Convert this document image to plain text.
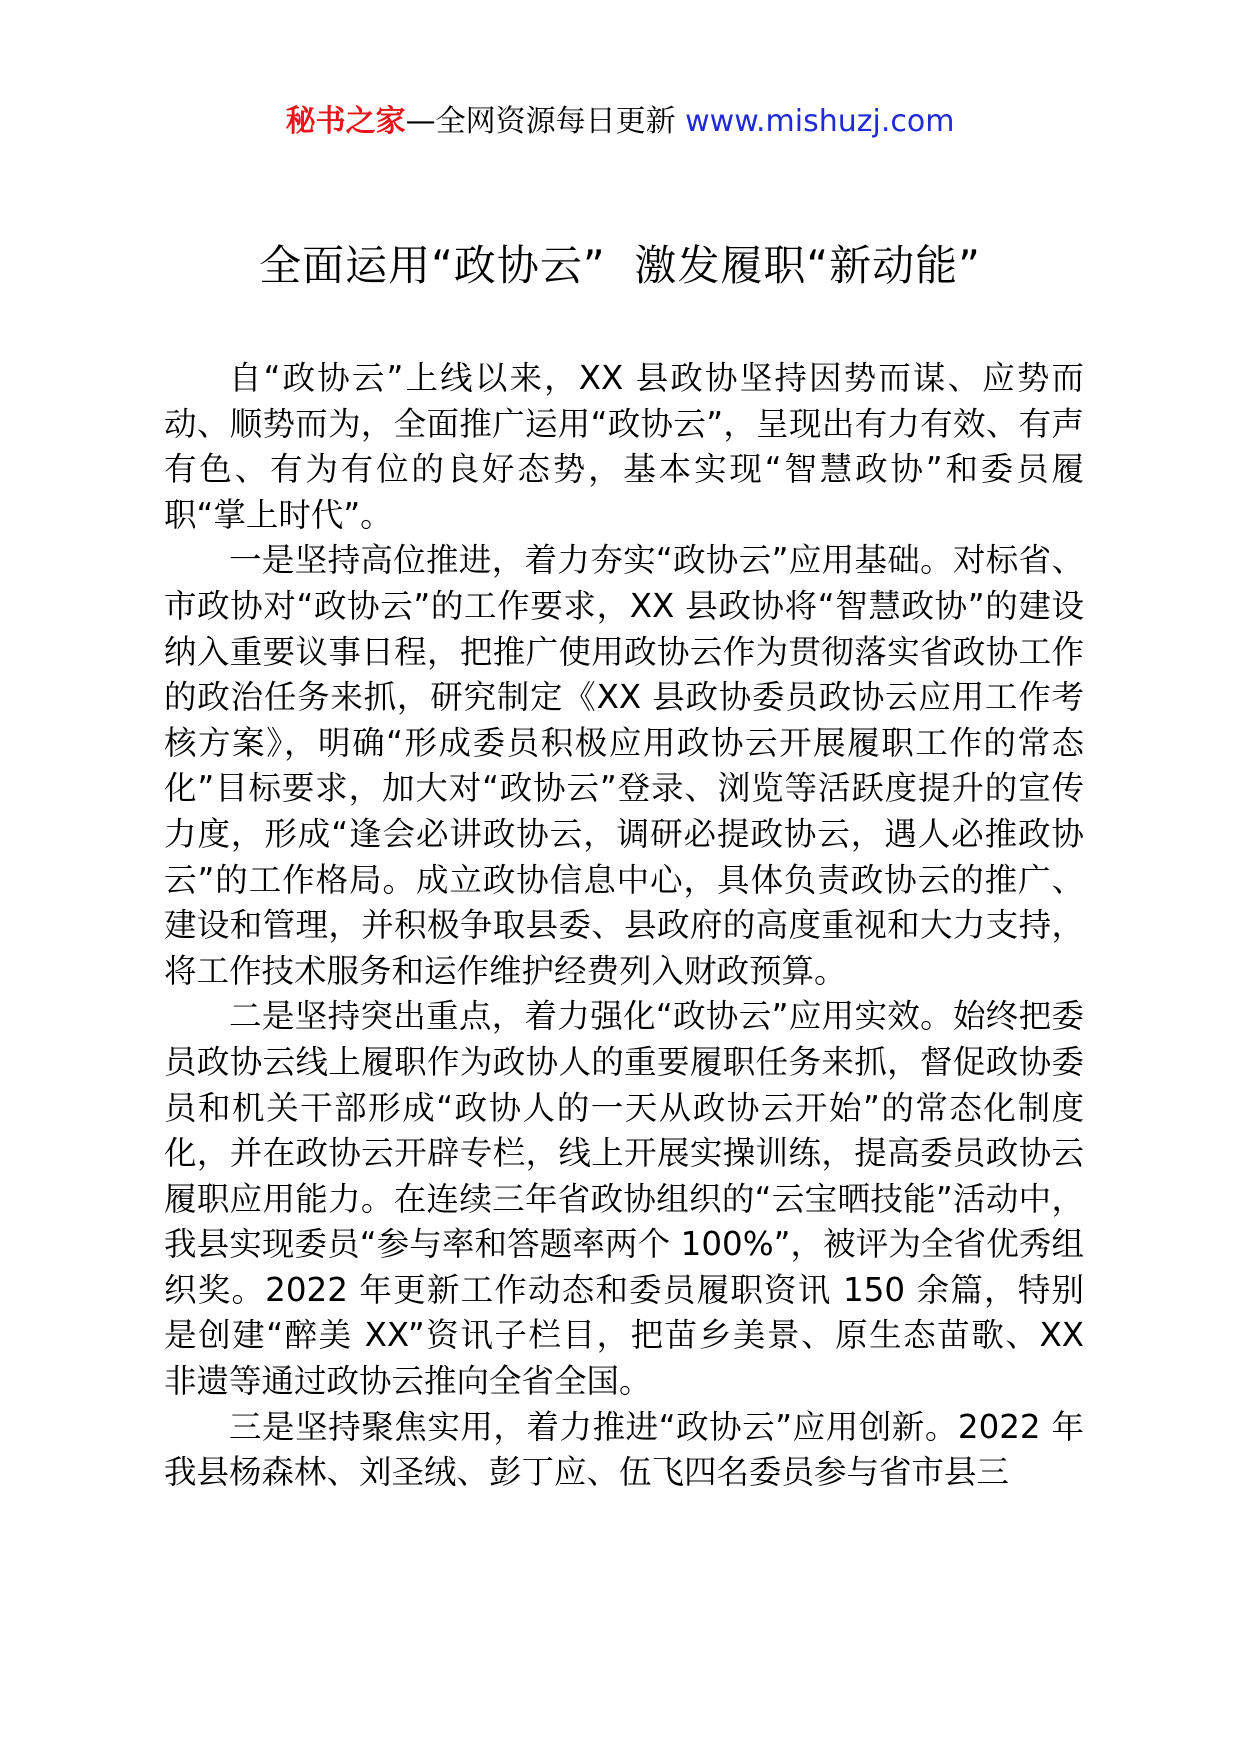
秘书之家—全网资源每日更新 www.mishuzj.com
全面运用“政协云”  激发履职“新动能”

自“政协云”上线以来，XX 县政协坚持因势而谋、应势而动、顺势而为，全面推广运用“政协云”，呈现出有力有效、有声有色、有为有位的良好态势，基本实现“智慧政协”和委员履职“掌上时代”。

一是坚持高位推进，着力夯实“政协云”应用基础。对标省、市政协对“政协云”的工作要求，XX 县政协将“智慧政协”的建设纳入重要议事日程，把推广使用政协云作为贯彻落实省政协工作的政治任务来抓，研究制定《XX 县政协委员政协云应用工作考核方案》，明确“形成委员积极应用政协云开展履职工作的常态化”目标要求，加大对“政协云”登录、浏览等活跃度提升的宣传力度，形成“逢会必讲政协云，调研必提政协云，遇人必推政协云”的工作格局。成立政协信息中心，具体负责政协云的推广、建设和管理，并积极争取县委、县政府的高度重视和大力支持，将工作技术服务和运作维护经费列入财政预算。

二是坚持突出重点，着力强化“政协云”应用实效。始终把委员政协云线上履职作为政协人的重要履职任务来抓，督促政协委员和机关干部形成“政协人的一天从政协云开始”的常态化制度化，并在政协云开辟专栏，线上开展实操训练，提高委员政协云履职应用能力。在连续三年省政协组织的“云宝晒技能”活动中，我县实现委员“参与率和答题率两个 100%”，被评为全省优秀组织奖。2022 年更新工作动态和委员履职资讯 150 余篇，特别是创建“醉美 XX”资讯子栏目，把苗乡美景、原生态苗歌、XX 非遗等通过政协云推向全省全国。

三是坚持聚焦实用，着力推进“政协云”应用创新。2022 年我县杨森林、刘圣绒、彭丁应、伍飞四名委员参与省市县三
